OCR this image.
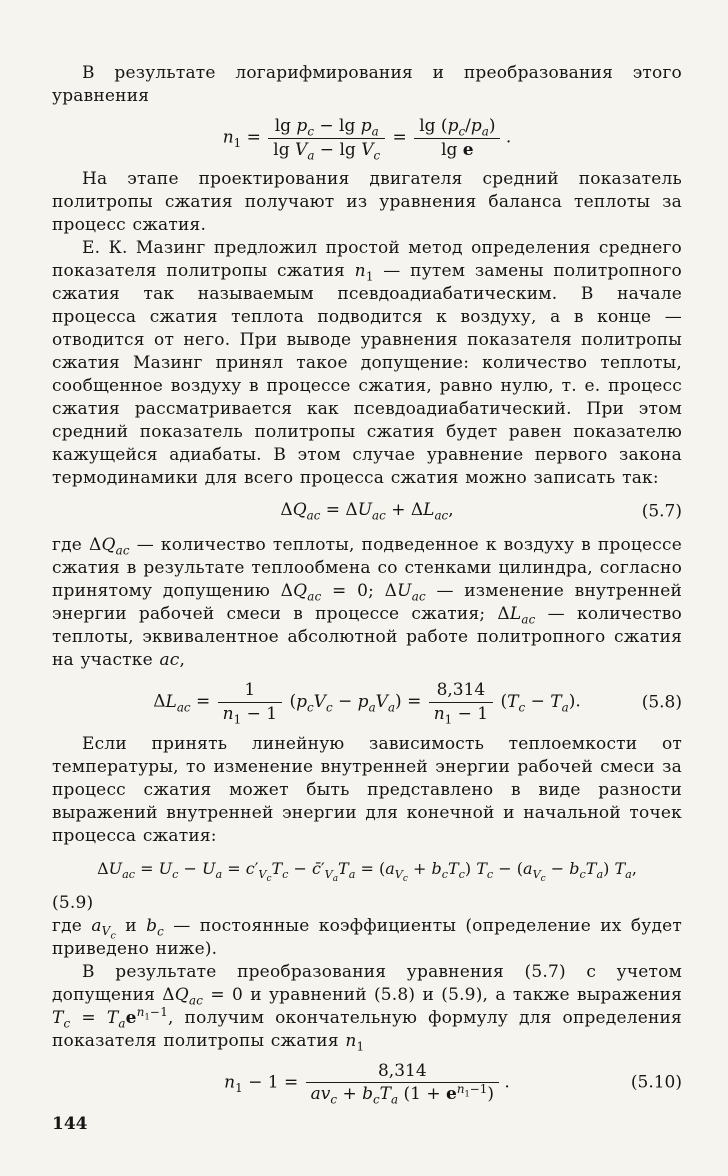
В результате логарифмирования и преобразования этого уравнения

$n_1 = \frac{\lg p_c - \lg p_a}{\lg V_a - \lg V_c} = \frac{\lg (p_c/p_a)}{\text{lg e}}$  .

На этапе проектирования двигателя средний показатель политропы сжатия получают из уравнения баланса теплоты за процесс сжатия.

Е. К. Мазинг предложил простой метод определения среднего показателя политропы сжатия $n_1$ — путем замены политропного сжатия так называемым псевдоадиабатическим. В начале процесса сжатия теплота подводится к воздуху, а в конце — отводится от него. При выводе уравнения показателя политропы сжатия Мазинг принял такое допущение: количество теплоты, сообщенное воздуху в процессе сжатия, равно нулю, т. е. процесс сжатия рассматривается как псевдоадиабатический. При этом средний показатель политропы сжатия будет равен показателю кажущейся адиабаты. В этом случае уравнение первого закона термодинамики для всего процесса сжатия можно записать так:

$\Delta Q_{ac} = \Delta U_{ac} + \Delta L_{ac}$,	(5.7)

где $\Delta Q_{ac}$ — количество теплоты, подведенное к воздуху в процессе сжатия в результате теплообмена со стенками цилиндра, согласно принятому допущению $\Delta Q_{ac} = 0$; $\Delta U_{ac}$ — изменение внутренней энергии рабочей смеси в процессе сжатия; $\Delta L_{ac}$ — количество теплоты, эквивалентное абсолютной работе политропного сжатия на участке ac,

$\Delta L_{ac} = \frac{1}{n_1 - 1} (p_cV_c - p_aV_a) = \frac{8,314}{n_1 - 1} (T_c - T_a)$.	(5.8)

Если принять линейную зависимость теплоемкости от температуры, то изменение внутренней энергии рабочей смеси за процесс сжатия может быть представлено в виде разности выражений внутренней энергии для конечной и начальной точек процесса сжатия:

$\Delta U_{ac} = U_c - U_a = c'_{V_c}T_c$ − $c̄'_{V_a}T_a = (a_{V_c} + b_cT_c) T_c - (a_{V_c} - b_cT_a)$ $T_a$,

(5.9)

где $a_{V_c}$ и $b_c$ — постоянные коэффициенты (определение их будет приведено ниже).

В результате преобразования уравнения (5.7) с учетом допущения $\Delta Q_{ac} = 0$ и уравнений (5.8) и (5.9), а также выражения $T_c = T_ae^{n_1-1}$, получим окончательную формулу для определения показателя политропы сжатия $n_1$

$n_1 - 1 = \frac{8,314}{av_c + b_cT_a (1 + e^{n_1-1})}$  .	(5.10)
144
